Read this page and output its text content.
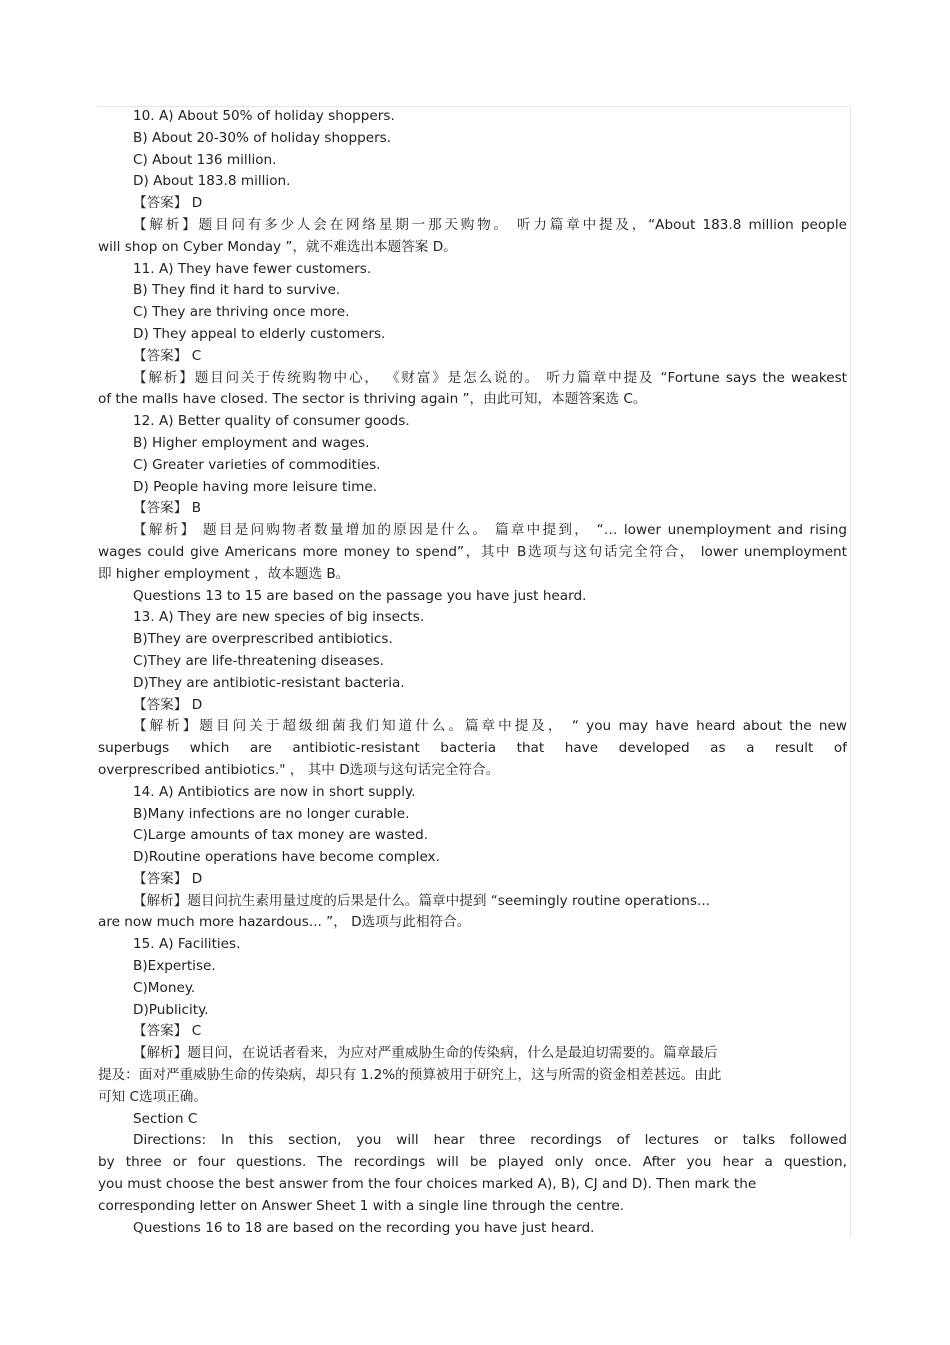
10. A) About 50% of holiday shoppers.
B) About 20-30% of holiday shoppers.
C) About 136 million.
D) About 183.8 million.
【答案】 D
【解析】题目问有多少人会在网络星期一那天购物。 听力篇章中提及，“About 183.8 million people
will shop on Cyber Monday ”，就不难选出本题答案 D。
11. A) They have fewer customers.
B) They find it hard to survive.
C) They are thriving once more.
D) They appeal to elderly customers.
【答案】 C
【解析】题目问关于传统购物中心， 《财富》是怎么说的。 听力篇章中提及 “Fortune says the weakest
of the malls have closed. The sector is thriving again ”，由此可知，本题答案选 C。
12. A) Better quality of consumer goods.
B) Higher employment and wages.
C) Greater varieties of commodities.
D) People having more leisure time.
【答案】 B
【解析】 题目是问购物者数量增加的原因是什么。 篇章中提到， “… lower unemployment and rising
wages could give Americans more money to spend”，其中 B选项与这句话完全符合， lower unemployment
即 higher employment ，故本题选 B。
Questions 13 to 15 are based on the passage you have just heard.
13. A) They are new species of big insects.
B)They are overprescribed antibiotics.
C)They are life-threatening diseases.
D)They are antibiotic-resistant bacteria.
【答案】 D
【解析】题目问关于超级细菌我们知道什么。篇章中提及， “ you may have heard about the new
superbugs which are antibiotic-resistant bacteria that have developed as a result of
overprescribed antibiotics." ， 其中 D选项与这句话完全符合。
14. A) Antibiotics are now in short supply.
B)Many infections are no longer curable.
C)Large amounts of tax money are wasted.
D)Routine operations have become complex.
【答案】 D
【解析】题目问抗生素用量过度的后果是什么。篇章中提到 “seemingly routine operations...
are now much more hazardous... ”， D选项与此相符合。
15. A) Facilities.
B)Expertise.
C)Money.
D)Publicity.
【答案】 C
【解析】题目问，在说话者看来，为应对严重威胁生命的传染病，什么是最迫切需要的。篇章最后
提及：面对严重威胁生命的传染病，却只有 1.2%的预算被用于研究上，这与所需的资金相差甚远。由此
可知 C选项正确。
Section C
Directions: In this section, you will hear three recordings of lectures or talks followed
by three or four questions. The recordings will be played only once. After you hear a question,
you must choose the best answer from the four choices marked A), B), CJ and D). Then mark the
corresponding letter on Answer Sheet 1 with a single line through the centre.
Questions 16 to 18 are based on the recording you have just heard.
